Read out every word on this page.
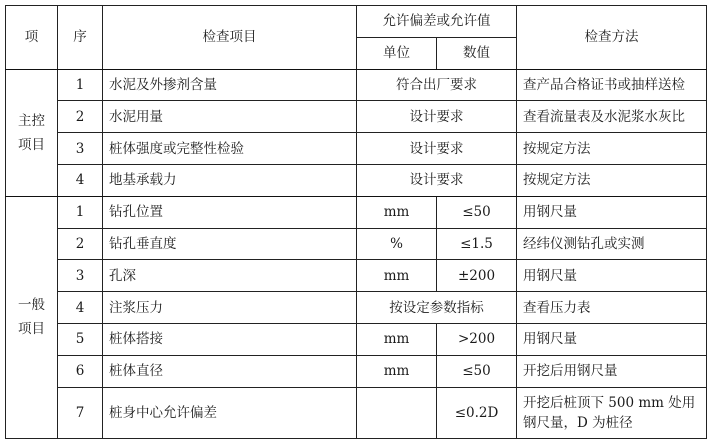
项	序	检查项目	允许偏差或允许值		检查方法
			单位	数值	
主控
项目	1	水泥及外掺剂含量	符合出厂要求		查产品合格证书或抽样送检
	2	水泥用量	设计要求		查看流量表及水泥浆水灰比
	3	桩体强度或完整性检验	设计要求		按规定方法
	4	地基承载力	设计要求		按规定方法
一般
项目	1	钻孔位置	mm	≤50	用钢尺量
	2	钻孔垂直度	%	≤1.5	经纬仪测钻孔或实测
	3	孔深	mm	±200	用钢尺量
	4	注浆压力	按设定参数指标		查看压力表
	5	桩体搭接	mm	>200	用钢尺量
	6	桩体直径	mm	≤50	开挖后用钢尺量
	7	桩身中心允许偏差		≤0.2D	开挖后桩顶下 500 mm 处用
钢尺量，D 为桩径
